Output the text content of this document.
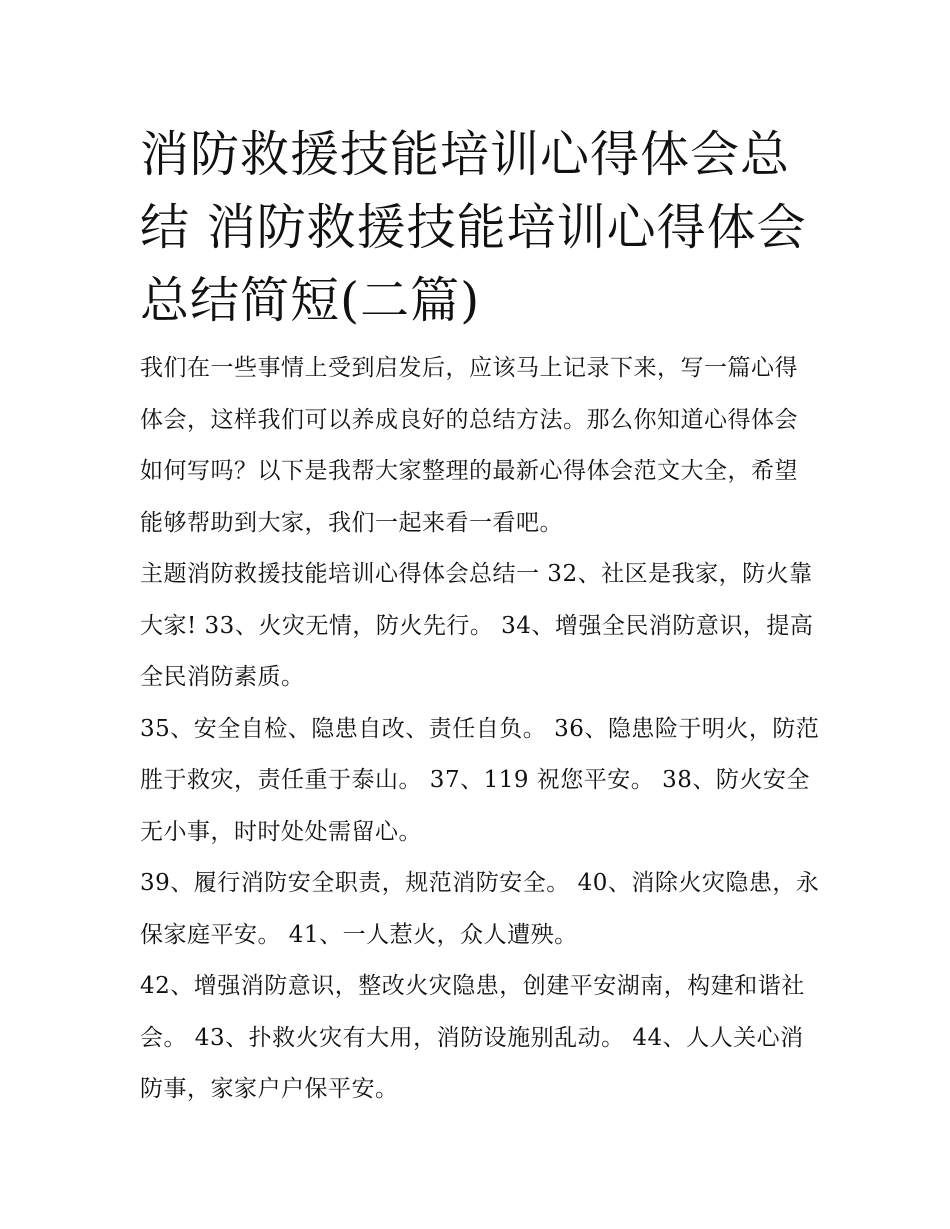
消防救援技能培训心得体会总结 消防救援技能培训心得体会总结简短(二篇)

我们在一些事情上受到启发后，应该马上记录下来，写一篇心得体会，这样我们可以养成良好的总结方法。那么你知道心得体会如何写吗？以下是我帮大家整理的最新心得体会范文大全，希望能够帮助到大家，我们一起来看一看吧。

主题消防救援技能培训心得体会总结一 32、社区是我家，防火靠大家! 33、火灾无情，防火先行。 34、增强全民消防意识，提高全民消防素质。

35、安全自检、隐患自改、责任自负。 36、隐患险于明火，防范胜于救灾，责任重于泰山。 37、119 祝您平安。 38、防火安全无小事，时时处处需留心。

39、履行消防安全职责，规范消防安全。 40、消除火灾隐患，永保家庭平安。 41、一人惹火，众人遭殃。

42、增强消防意识，整改火灾隐患，创建平安湖南，构建和谐社会。 43、扑救火灾有大用，消防设施别乱动。 44、人人关心消防事，家家户户保平安。
